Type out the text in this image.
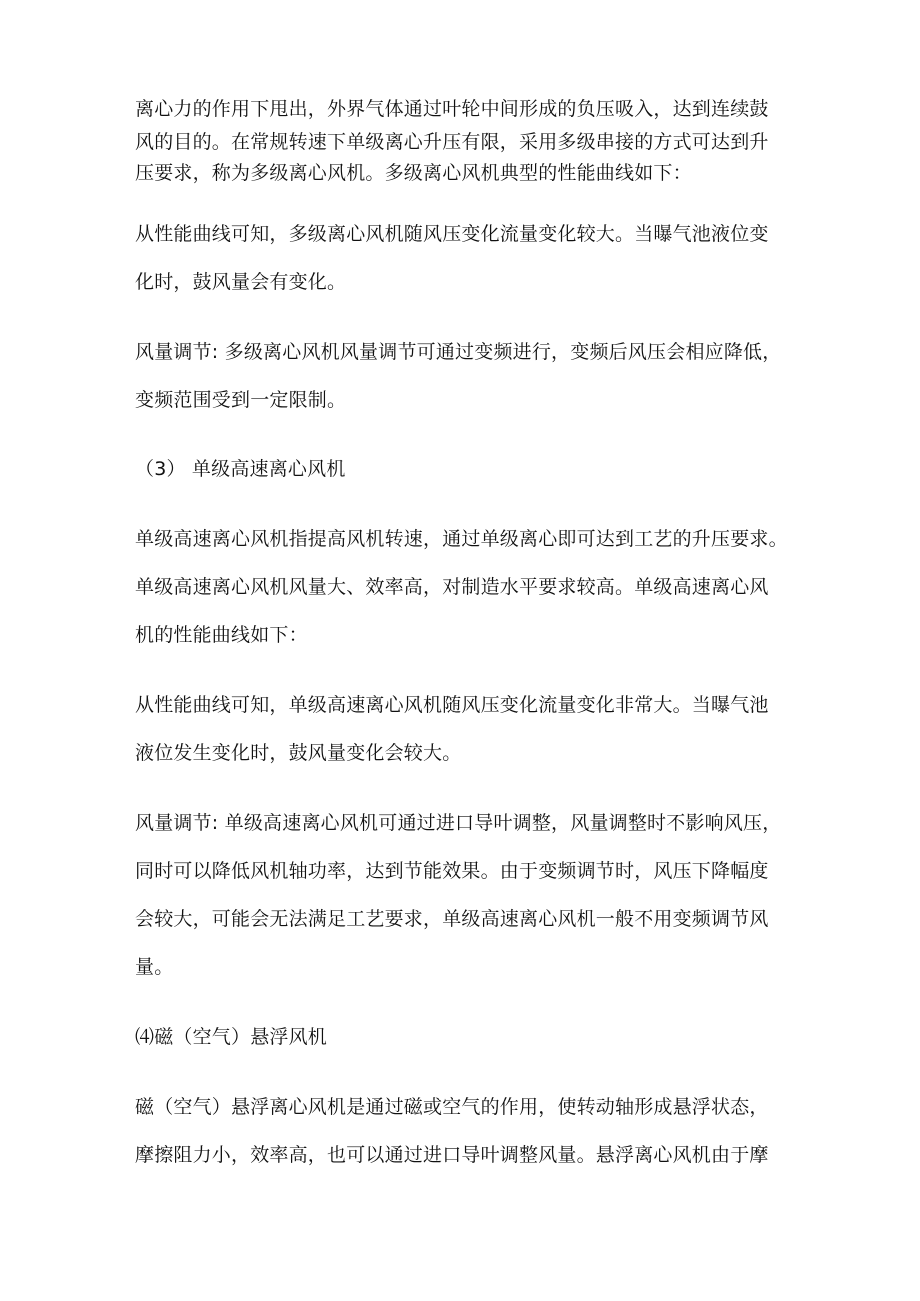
离心力的作用下甩出，外界气体通过叶轮中间形成的负压吸入，达到连续鼓
风的目的。在常规转速下单级离心升压有限，采用多级串接的方式可达到升
压要求，称为多级离心风机。多级离心风机典型的性能曲线如下：
从性能曲线可知，多级离心风机随风压变化流量变化较大。当曝气池液位变
化时，鼓风量会有变化。
风量调节: 多级离心风机风量调节可通过变频进行，变频后风压会相应降低，
变频范围受到一定限制。
（3） 单级高速离心风机
单级高速离心风机指提高风机转速，通过单级离心即可达到工艺的升压要求。
单级高速离心风机风量大、效率高，对制造水平要求较高。单级高速离心风
机的性能曲线如下：
从性能曲线可知，单级高速离心风机随风压变化流量变化非常大。当曝气池
液位发生变化时，鼓风量变化会较大。
风量调节: 单级高速离心风机可通过进口导叶调整，风量调整时不影响风压，
同时可以降低风机轴功率，达到节能效果。由于变频调节时，风压下降幅度
会较大，可能会无法满足工艺要求，单级高速离心风机一般不用变频调节风
量。
⑷磁（空气）悬浮风机
磁（空气）悬浮离心风机是通过磁或空气的作用，使转动轴形成悬浮状态，
摩擦阻力小，效率高，也可以通过进口导叶调整风量。悬浮离心风机由于摩
